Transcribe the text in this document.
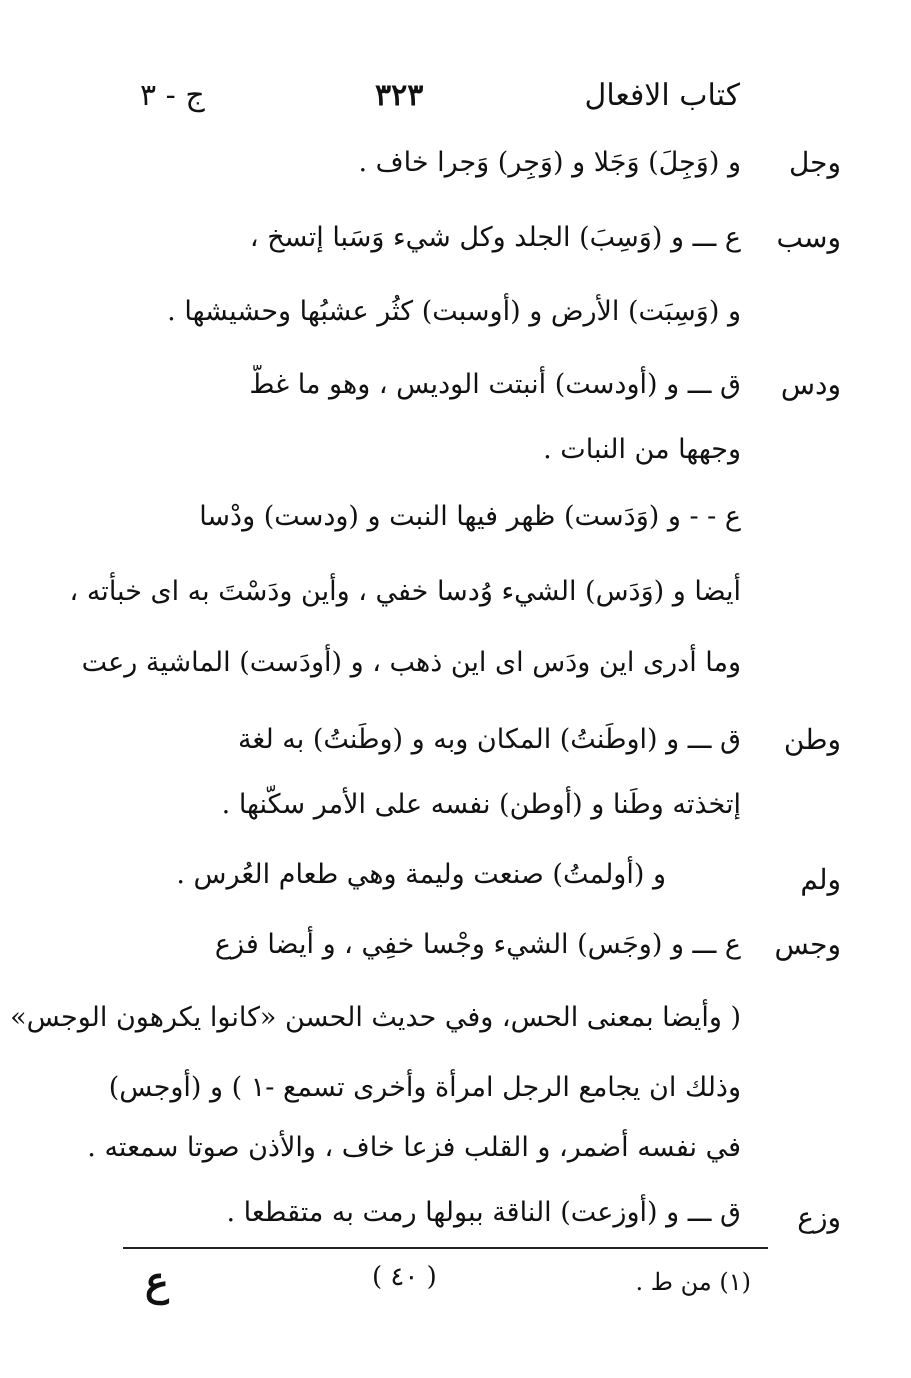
كتاب الافعال
٣٢٣
ج - ٣
وجل
و (وَجِلَ) وَجَلا و (وَجِر) وَجرا خاف .
وسب
ع ـــ و (وَسِبَ) الجلد وكل شيء وَسَبا إتسخ ،
و (وَسِبَت) الأرض و (أوسبت) كثُر عشبُها وحشيشها .
ودس
ق ـــ و (أودست) أنبتت الوديس ، وهو ما غطَّ
وجهها من النبات .
ع - - و (وَدَست) ظهر فيها النبت و (ودست) ودْسا
أيضا و (وَدَس) الشيء وُدسا خفي ، وأين ودَسْتَ به اى خبأته ،
وما أدرى اين ودَس اى اين ذهب ، و (أودَست) الماشية رعت
وطن
ق ـــ و (اوطَنتُ) المكان وبه و (وطَنتُ) به لغة
إتخذته وطَنا و (أوطن) نفسه على الأمر سكّنها .
ولم
و (أولمتُ) صنعت وليمة وهي طعام العُرس .
وجس
ع ـــ و (وجَس) الشيء وجْسا خفِي ، و أيضا فزع
( وأيضا بمعنى الحس، وفي حديث الحسن «كانوا يكرهون الوجس»
وذلك ان يجامع الرجل امرأة وأخرى تسمع -١ ) و (أوجس)
في نفسه أضمر، و القلب فزعا خاف ، والأذن صوتا سمعته .
وزع
ق ـــ و (أوزعت) الناقة ببولها رمت به متقطعا .
(١) من ط .
( ٤٠ )
ع
